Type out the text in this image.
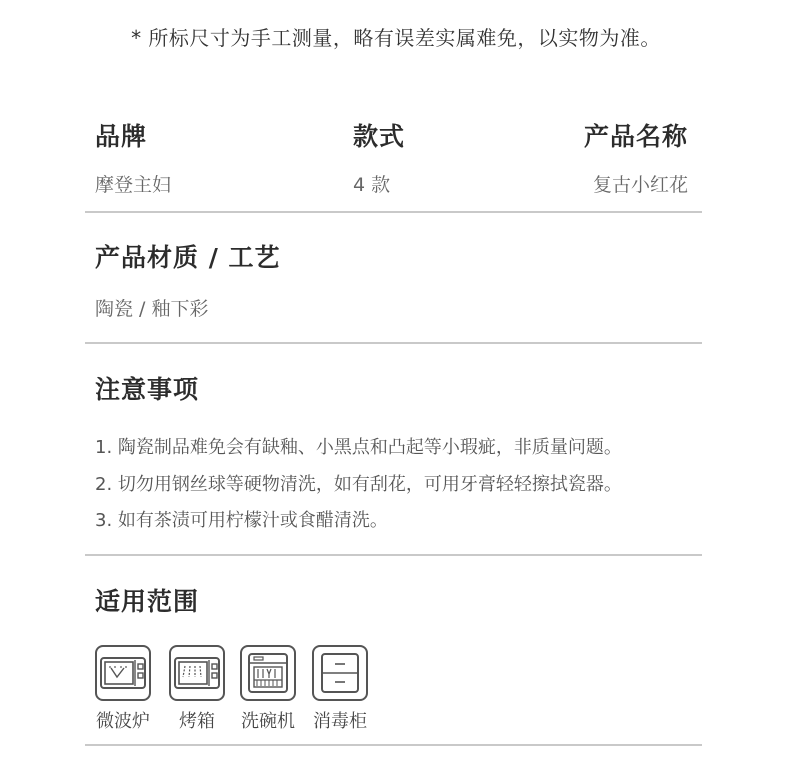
* 所标尺寸为手工测量，略有误差实属难免，以实物为准。
品牌
摩登主妇
款式
4 款
产品名称
复古小红花
产品材质 / 工艺
陶瓷 / 釉下彩
注意事项
1. 陶瓷制品难免会有缺釉、小黑点和凸起等小瑕疵，非质量问题。
2. 切勿用钢丝球等硬物清洗，如有刮花，可用牙膏轻轻擦拭瓷器。
3. 如有茶渍可用柠檬汁或食醋清洗。
适用范围
微波炉	烤箱	洗碗机 消毒柜
